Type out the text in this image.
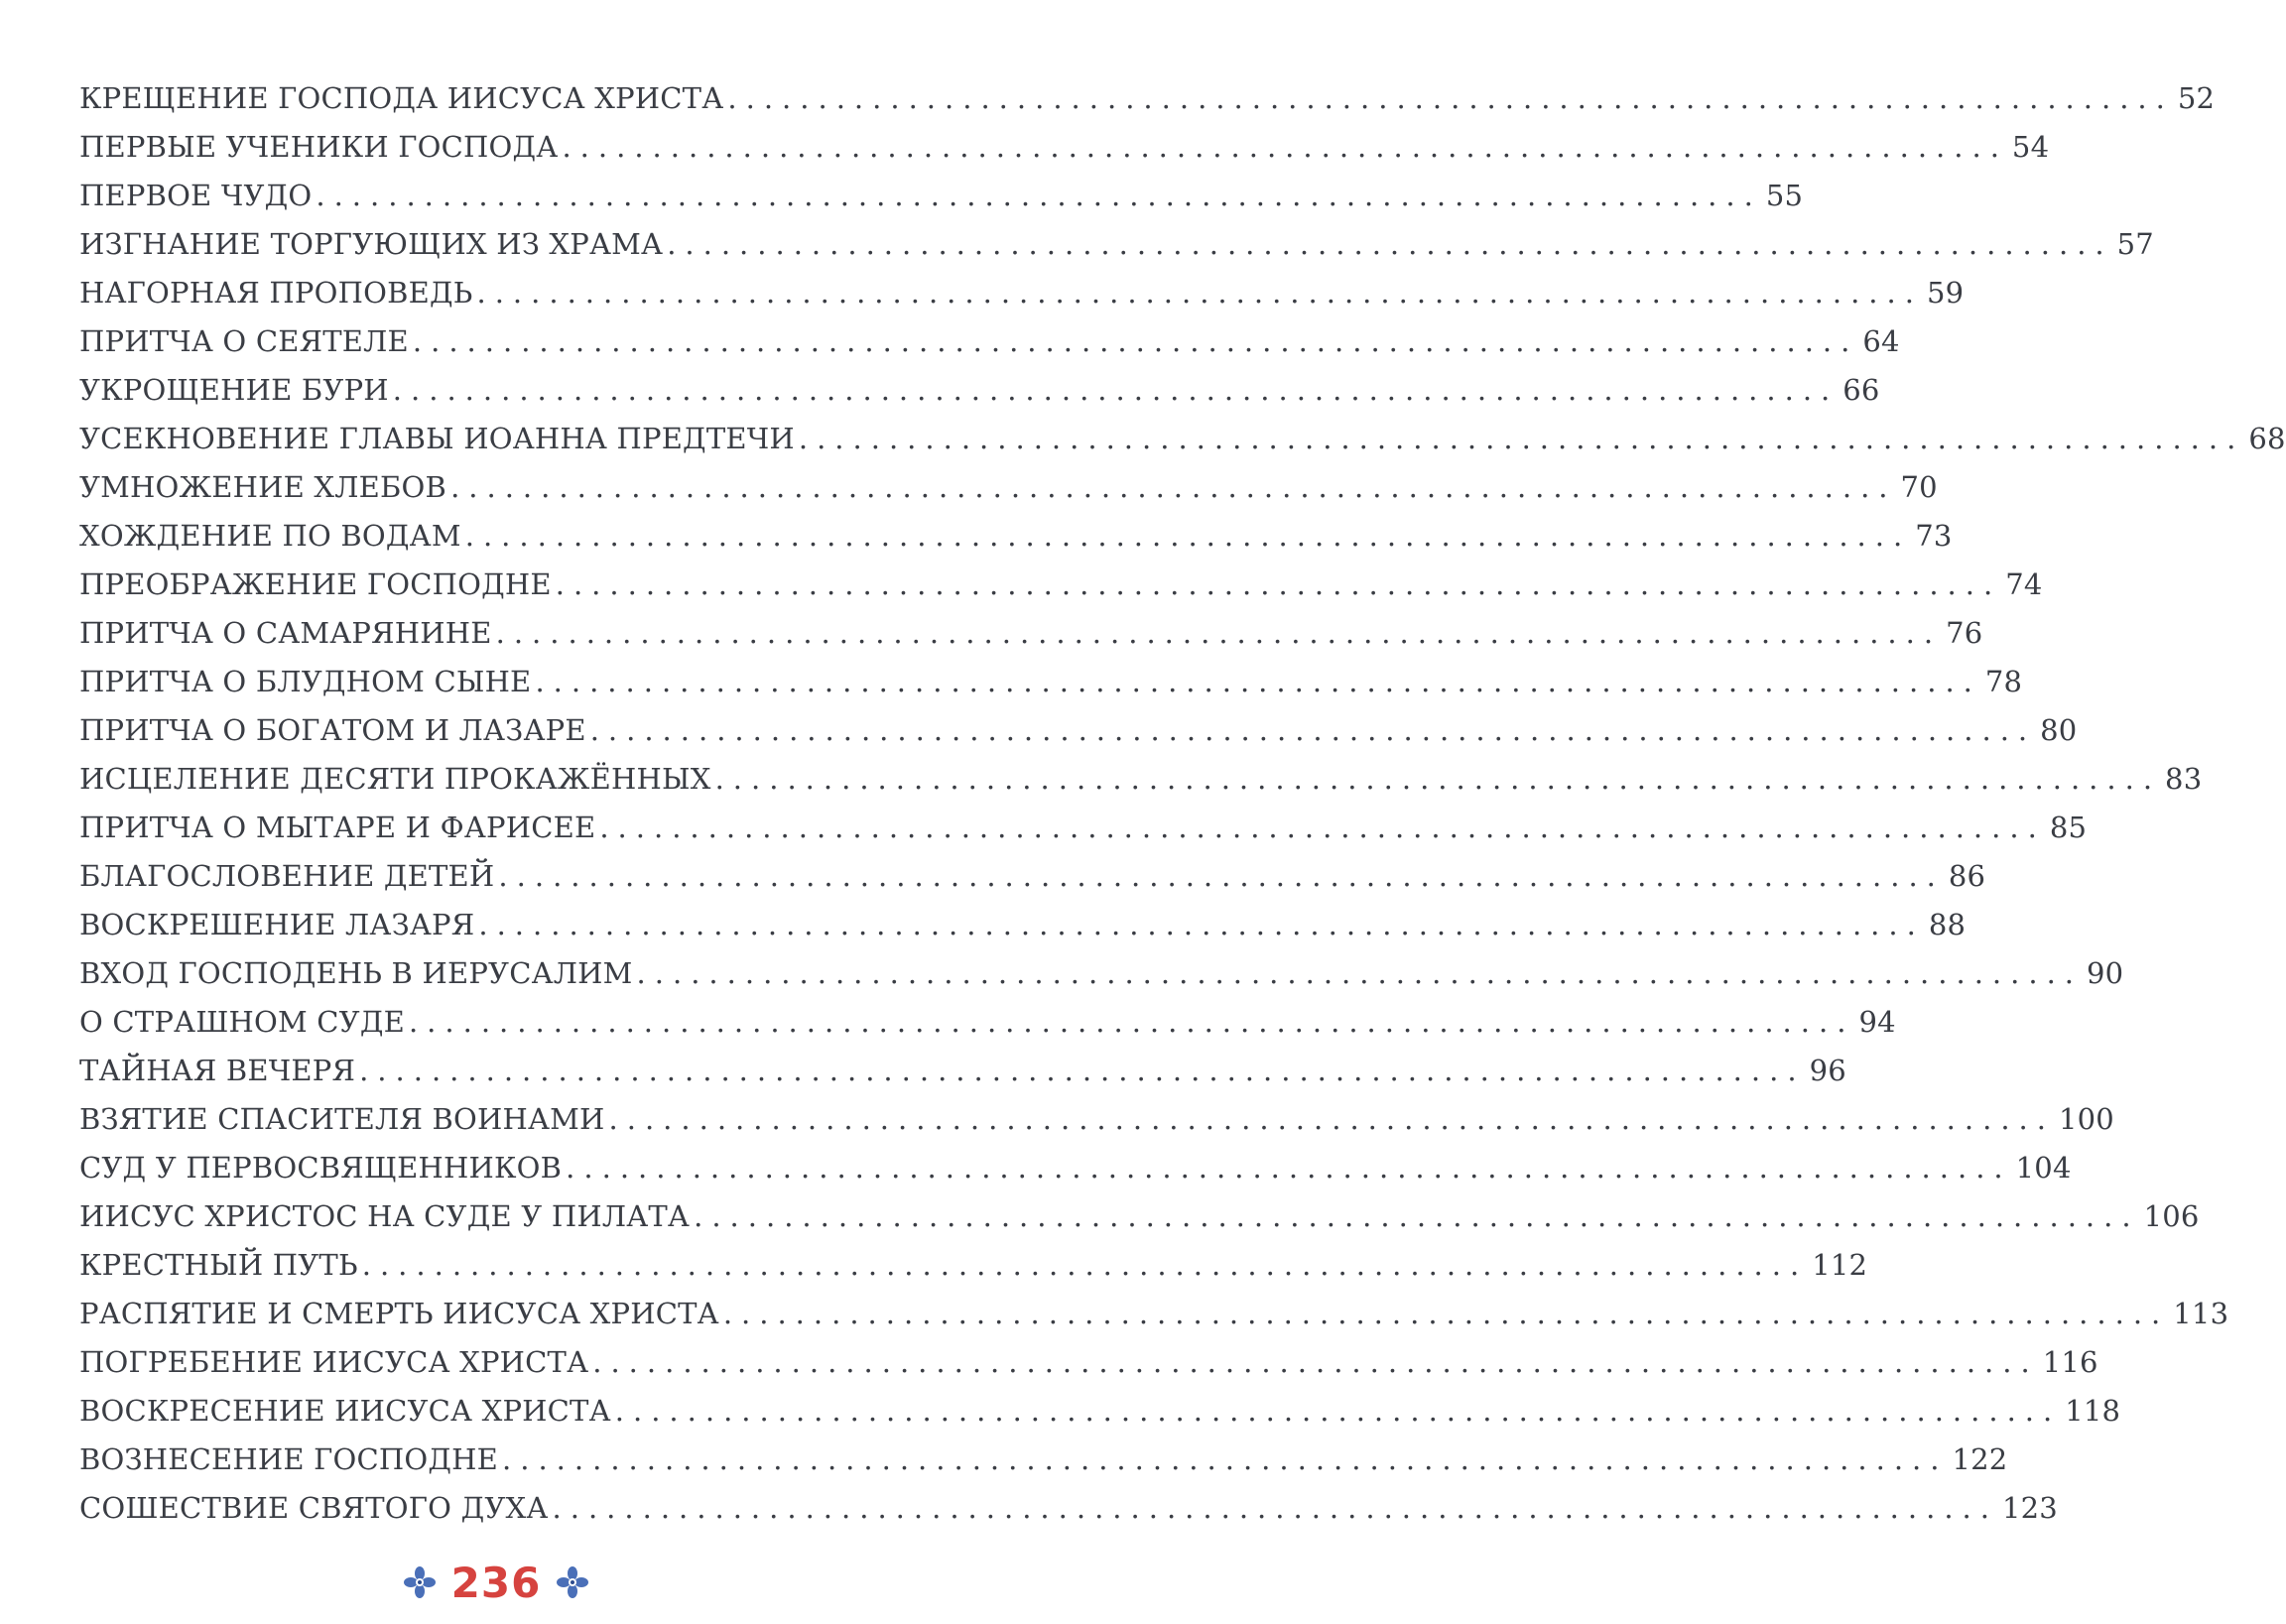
КРЕЩЕНИЕ ГОСПОДА ИИСУСА ХРИСТА ................................................................................ 52
ПЕРВЫЕ УЧЕНИКИ ГОСПОДА ................................................................................ 54
ПЕРВОЕ ЧУДО ................................................................................ 55
ИЗГНАНИЕ ТОРГУЮЩИХ ИЗ ХРАМА ................................................................................ 57
НАГОРНАЯ ПРОПОВЕДЬ ................................................................................ 59
ПРИТЧА О СЕЯТЕЛЕ ................................................................................ 64
УКРОЩЕНИЕ БУРИ ................................................................................ 66
УСЕКНОВЕНИЕ ГЛАВЫ ИОАННА ПРЕДТЕЧИ ................................................................................ 68
УМНОЖЕНИЕ ХЛЕБОВ ................................................................................ 70
ХОЖДЕНИЕ ПО ВОДАМ ................................................................................ 73
ПРЕОБРАЖЕНИЕ ГОСПОДНЕ ................................................................................ 74
ПРИТЧА О САМАРЯНИНЕ ................................................................................ 76
ПРИТЧА О БЛУДНОМ СЫНЕ ................................................................................ 78
ПРИТЧА О БОГАТОМ И ЛАЗАРЕ ................................................................................ 80
ИСЦЕЛЕНИЕ ДЕСЯТИ ПРОКАЖЁННЫХ ................................................................................ 83
ПРИТЧА О МЫТАРЕ И ФАРИСЕЕ ................................................................................ 85
БЛАГОСЛОВЕНИЕ ДЕТЕЙ ................................................................................ 86
ВОСКРЕШЕНИЕ ЛАЗАРЯ ................................................................................ 88
ВХОД ГОСПОДЕНЬ В ИЕРУСАЛИМ ................................................................................ 90
О СТРАШНОМ СУДЕ ................................................................................ 94
ТАЙНАЯ ВЕЧЕРЯ ................................................................................ 96
ВЗЯТИЕ СПАСИТЕЛЯ ВОИНАМИ ................................................................................ 100
СУД У ПЕРВОСВЯЩЕННИКОВ ................................................................................ 104
ИИСУС ХРИСТОС НА СУДЕ У ПИЛАТА ................................................................................ 106
КРЕСТНЫЙ ПУТЬ ................................................................................ 112
РАСПЯТИЕ И СМЕРТЬ ИИСУСА ХРИСТА ................................................................................ 113
ПОГРЕБЕНИЕ ИИСУСА ХРИСТА ................................................................................ 116
ВОСКРЕСЕНИЕ ИИСУСА ХРИСТА ................................................................................ 118
ВОЗНЕСЕНИЕ ГОСПОДНЕ ................................................................................ 122
СОШЕСТВИЕ СВЯТОГО ДУХА ................................................................................ 123
236
